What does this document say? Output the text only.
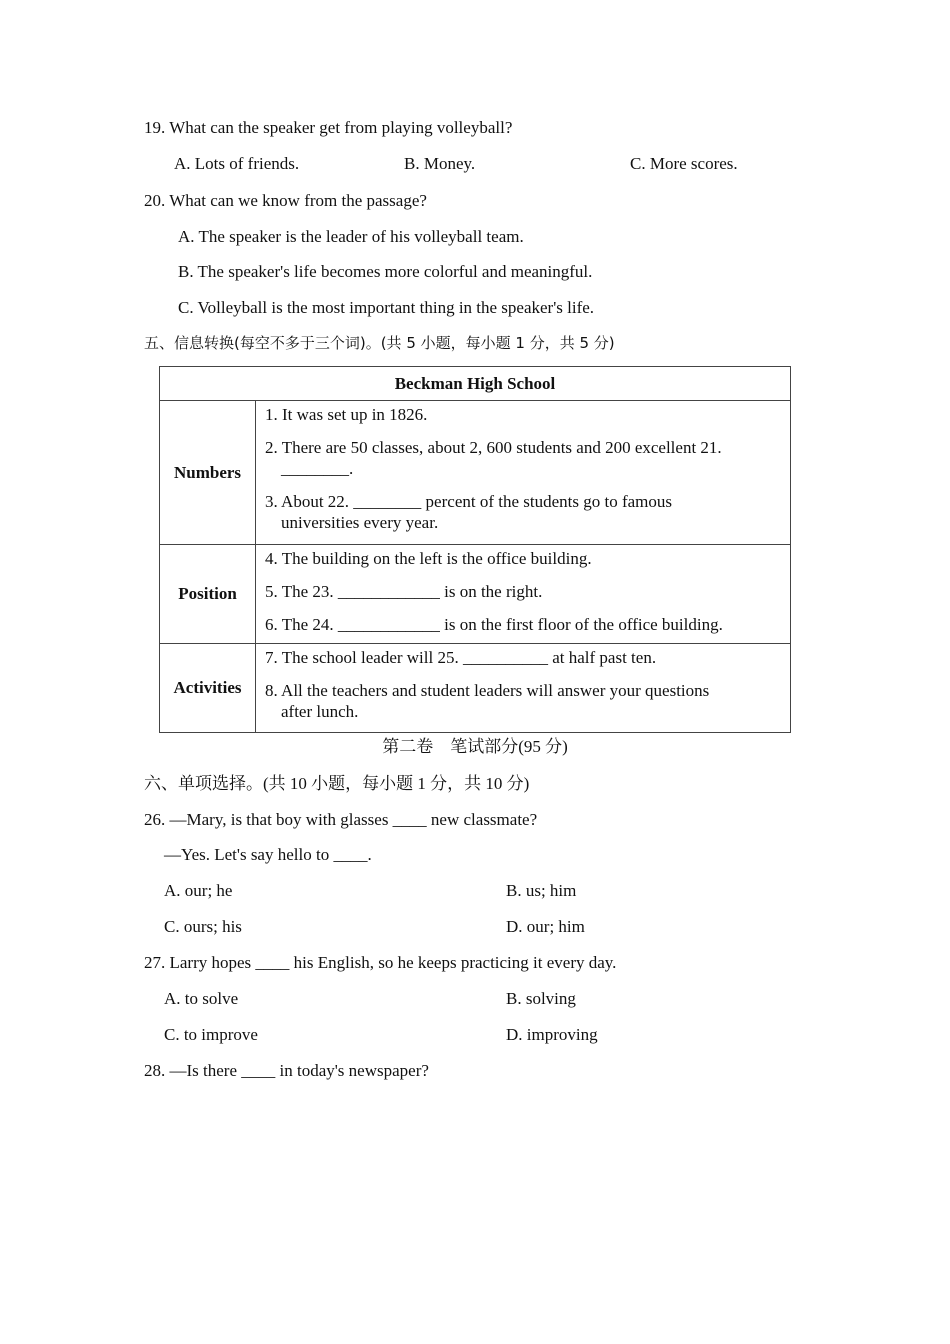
19. What can the speaker get from playing volleyball?
A. Lots of friends.	B. Money.	C. More scores.
20. What can we know from the passage?
A. The speaker is the leader of his volleyball team.
B. The speaker's life becomes more colorful and meaningful.
C. Volleyball is the most important thing in the speaker's life.
五、信息转换(每空不多于三个词)。(共 5 小题，每小题 1 分，共 5 分)
Beckman High School	
Numbers	1. It was set up in 1826.
2. There are 50 classes, about 2, 600 students and 200 excellent 21.
________.
3. About 22. ________ percent of the students go to famous
universities every year.

Position	4. The building on the left is the office building.
5. The 23. ____________ is on the right.
6. The 24. ____________ is on the first floor of the office building.

Activities	7. The school leader will 25. __________ at half past ten.
8. All the teachers and student leaders will answer your questions
after lunch.
第二卷　笔试部分(95 分)
六、单项选择。(共 10 小题，每小题 1 分，共 10 分)
26. —Mary, is that boy with glasses ____ new classmate?
—Yes. Let's say hello to ____.
A. our; he	B. us; him
C. ours; his	D. our; him
27. Larry hopes ____ his English, so he keeps practicing it every day.
A. to solve	B. solving
C. to improve	D. improving
28. —Is there ____ in today's newspaper?
